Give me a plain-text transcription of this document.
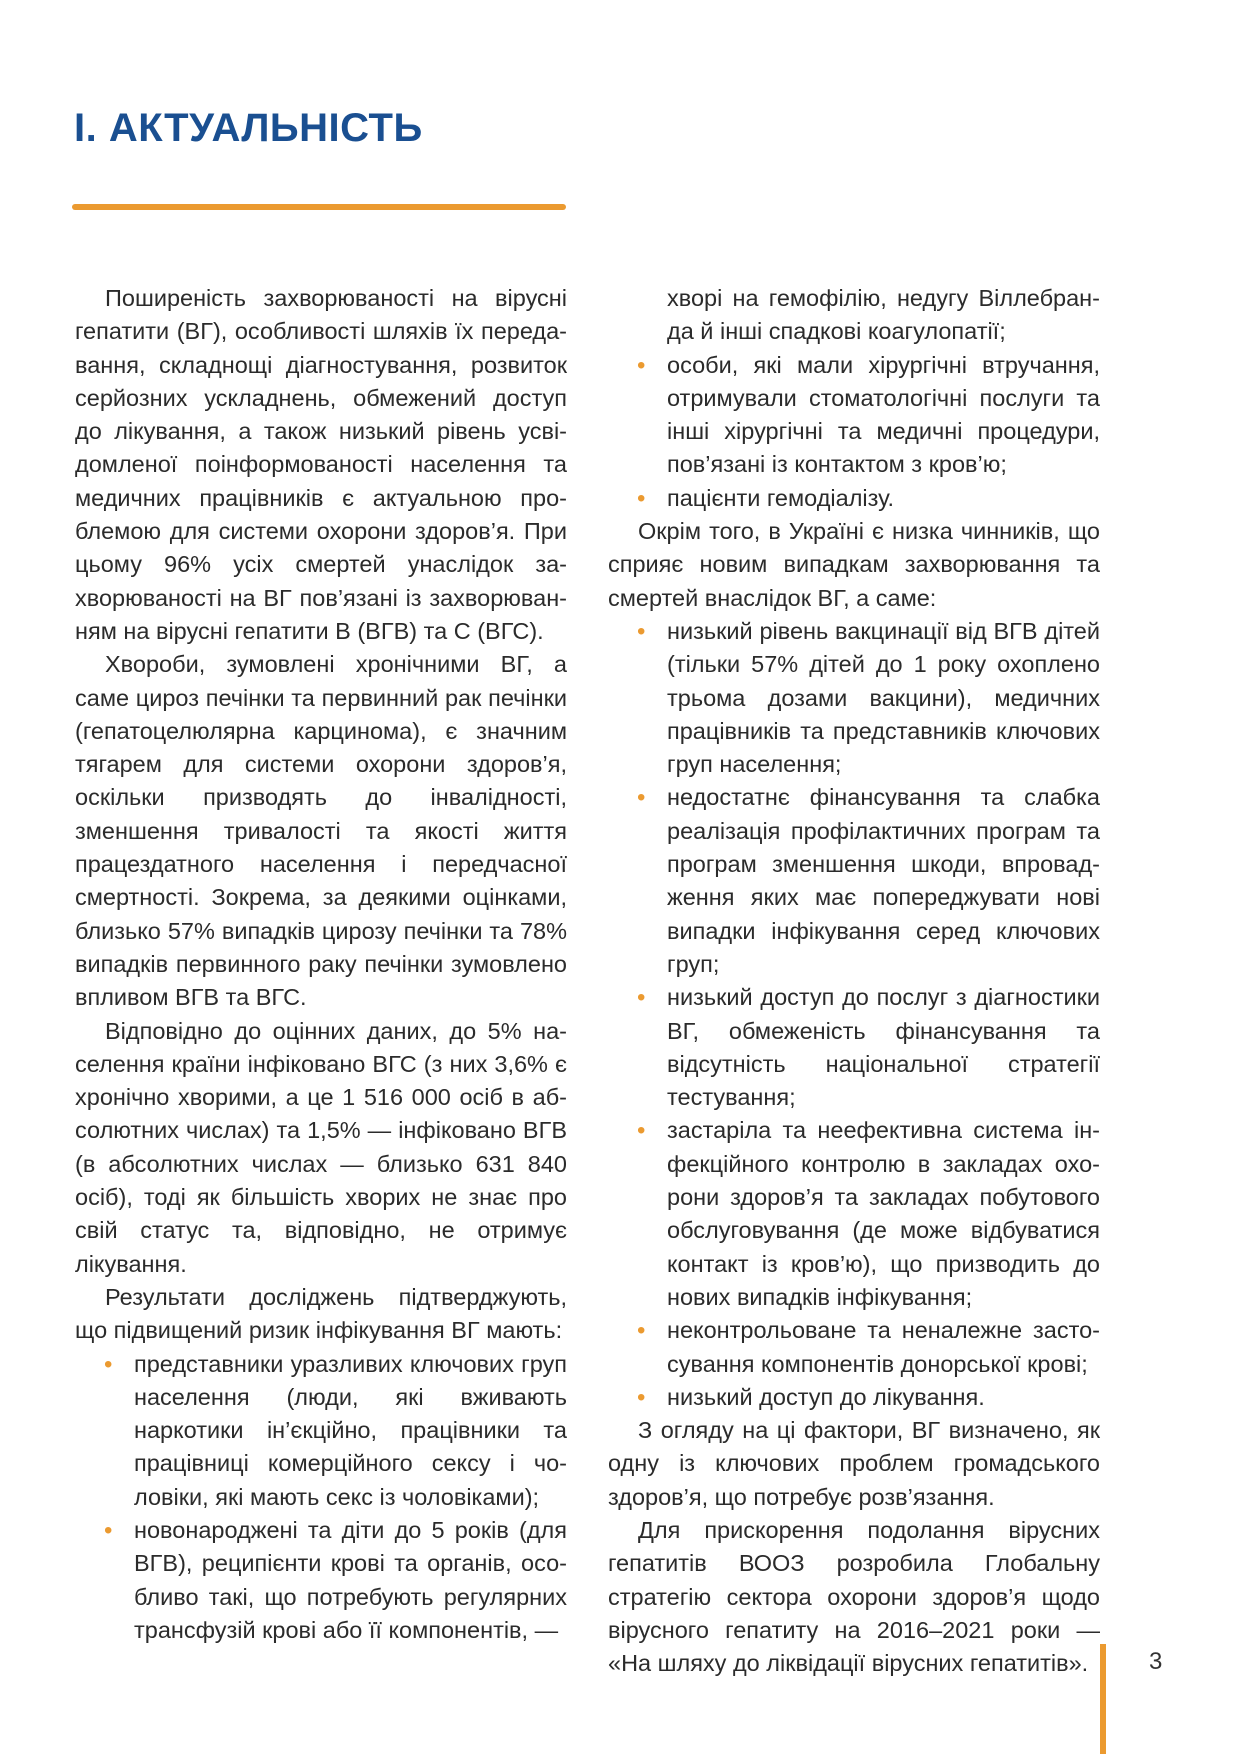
I. АКТУАЛЬНІСТЬ

Поширеність захворюваності на вірусні гепатити (ВГ), особливості шляхів їх передавання, складнощі діагностування, розвиток серйозних ускладнень, обмежений доступ до лікування, а також низький рівень усвідомленої поінформованості населення та медичних працівників є актуальною проблемою для системи охорони здоров’я. При цьому 96% усіх смертей унаслідок захворюваності на ВГ пов’язані із захворюванням на вірусні гепатити В (ВГВ) та С (ВГС).

Хвороби, зумовлені хронічними ВГ, а саме цироз печінки та первинний рак печінки (гепатоцелюлярна карцинома), є значним тягарем для системи охорони здоров’я, оскільки призводять до інвалідності, зменшення тривалості та якості життя працездатного населення і передчасної смертності. Зокрема, за деякими оцінками, близько 57% випадків цирозу печінки та 78% випадків первинного раку печінки зумовлено впливом ВГВ та ВГС.

Відповідно до оцінних даних, до 5% населення країни інфіковано ВГС (з них 3,6% є хронічно хворими, а це 1 516 000 осіб в абсолютних числах) та 1,5% — інфіковано ВГВ (в абсолютних числах — близько 631 840 осіб), тоді як більшість хворих не знає про свій статус та, відповідно, не отримує лікування.

Результати досліджень підтверджують, що підвищений ризик інфікування ВГ мають:

• представники уразливих ключових груп населення (люди, які вживають наркотики ін’єкційно, працівники та працівниці комерційного сексу і чоловіки, які мають секс із чоловіками);
• новонароджені та діти до 5 років (для ВГВ), реципієнти крові та органів, особливо такі, що потребують регулярних трансфузій крові або її компонентів, —

хворі на гемофілію, недугу Віллебранда й інші спадкові коагулопатії;

• особи, які мали хірургічні втручання, отримували стоматологічні послуги та інші хірургічні та медичні процедури, пов’язані із контактом з кров’ю;
• пацієнти гемодіалізу.

Окрім того, в Україні є низка чинників, що сприяє новим випадкам захворювання та смертей внаслідок ВГ, а саме:

• низький рівень вакцинації від ВГВ дітей (тільки 57% дітей до 1 року охоплено трьома дозами вакцини), медичних працівників та представників ключових груп населення;
• недостатнє фінансування та слабка реалізація профілактичних програм та програм зменшення шкоди, впровадження яких має попереджувати нові випадки інфікування серед ключових груп;
• низький доступ до послуг з діагностики ВГ, обмеженість фінансування та відсутність національної стратегії тестування;
• застаріла та неефективна система інфекційного контролю в закладах охорони здоров’я та закладах побутового обслуговування (де може відбуватися контакт із кров’ю), що призводить до нових випадків інфікування;
• неконтрольоване та неналежне застосування компонентів донорської крові;
• низький доступ до лікування.

З огляду на ці фактори, ВГ визначено, як одну із ключових проблем громадського здоров’я, що потребує розв’язання.

Для прискорення подолання вірусних гепатитів ВООЗ розробила Глобальну стратегію сектора охорони здоров’я щодо вірусного гепатиту на 2016–2021 роки — «На шляху до ліквідації вірусних гепатитів».	3
